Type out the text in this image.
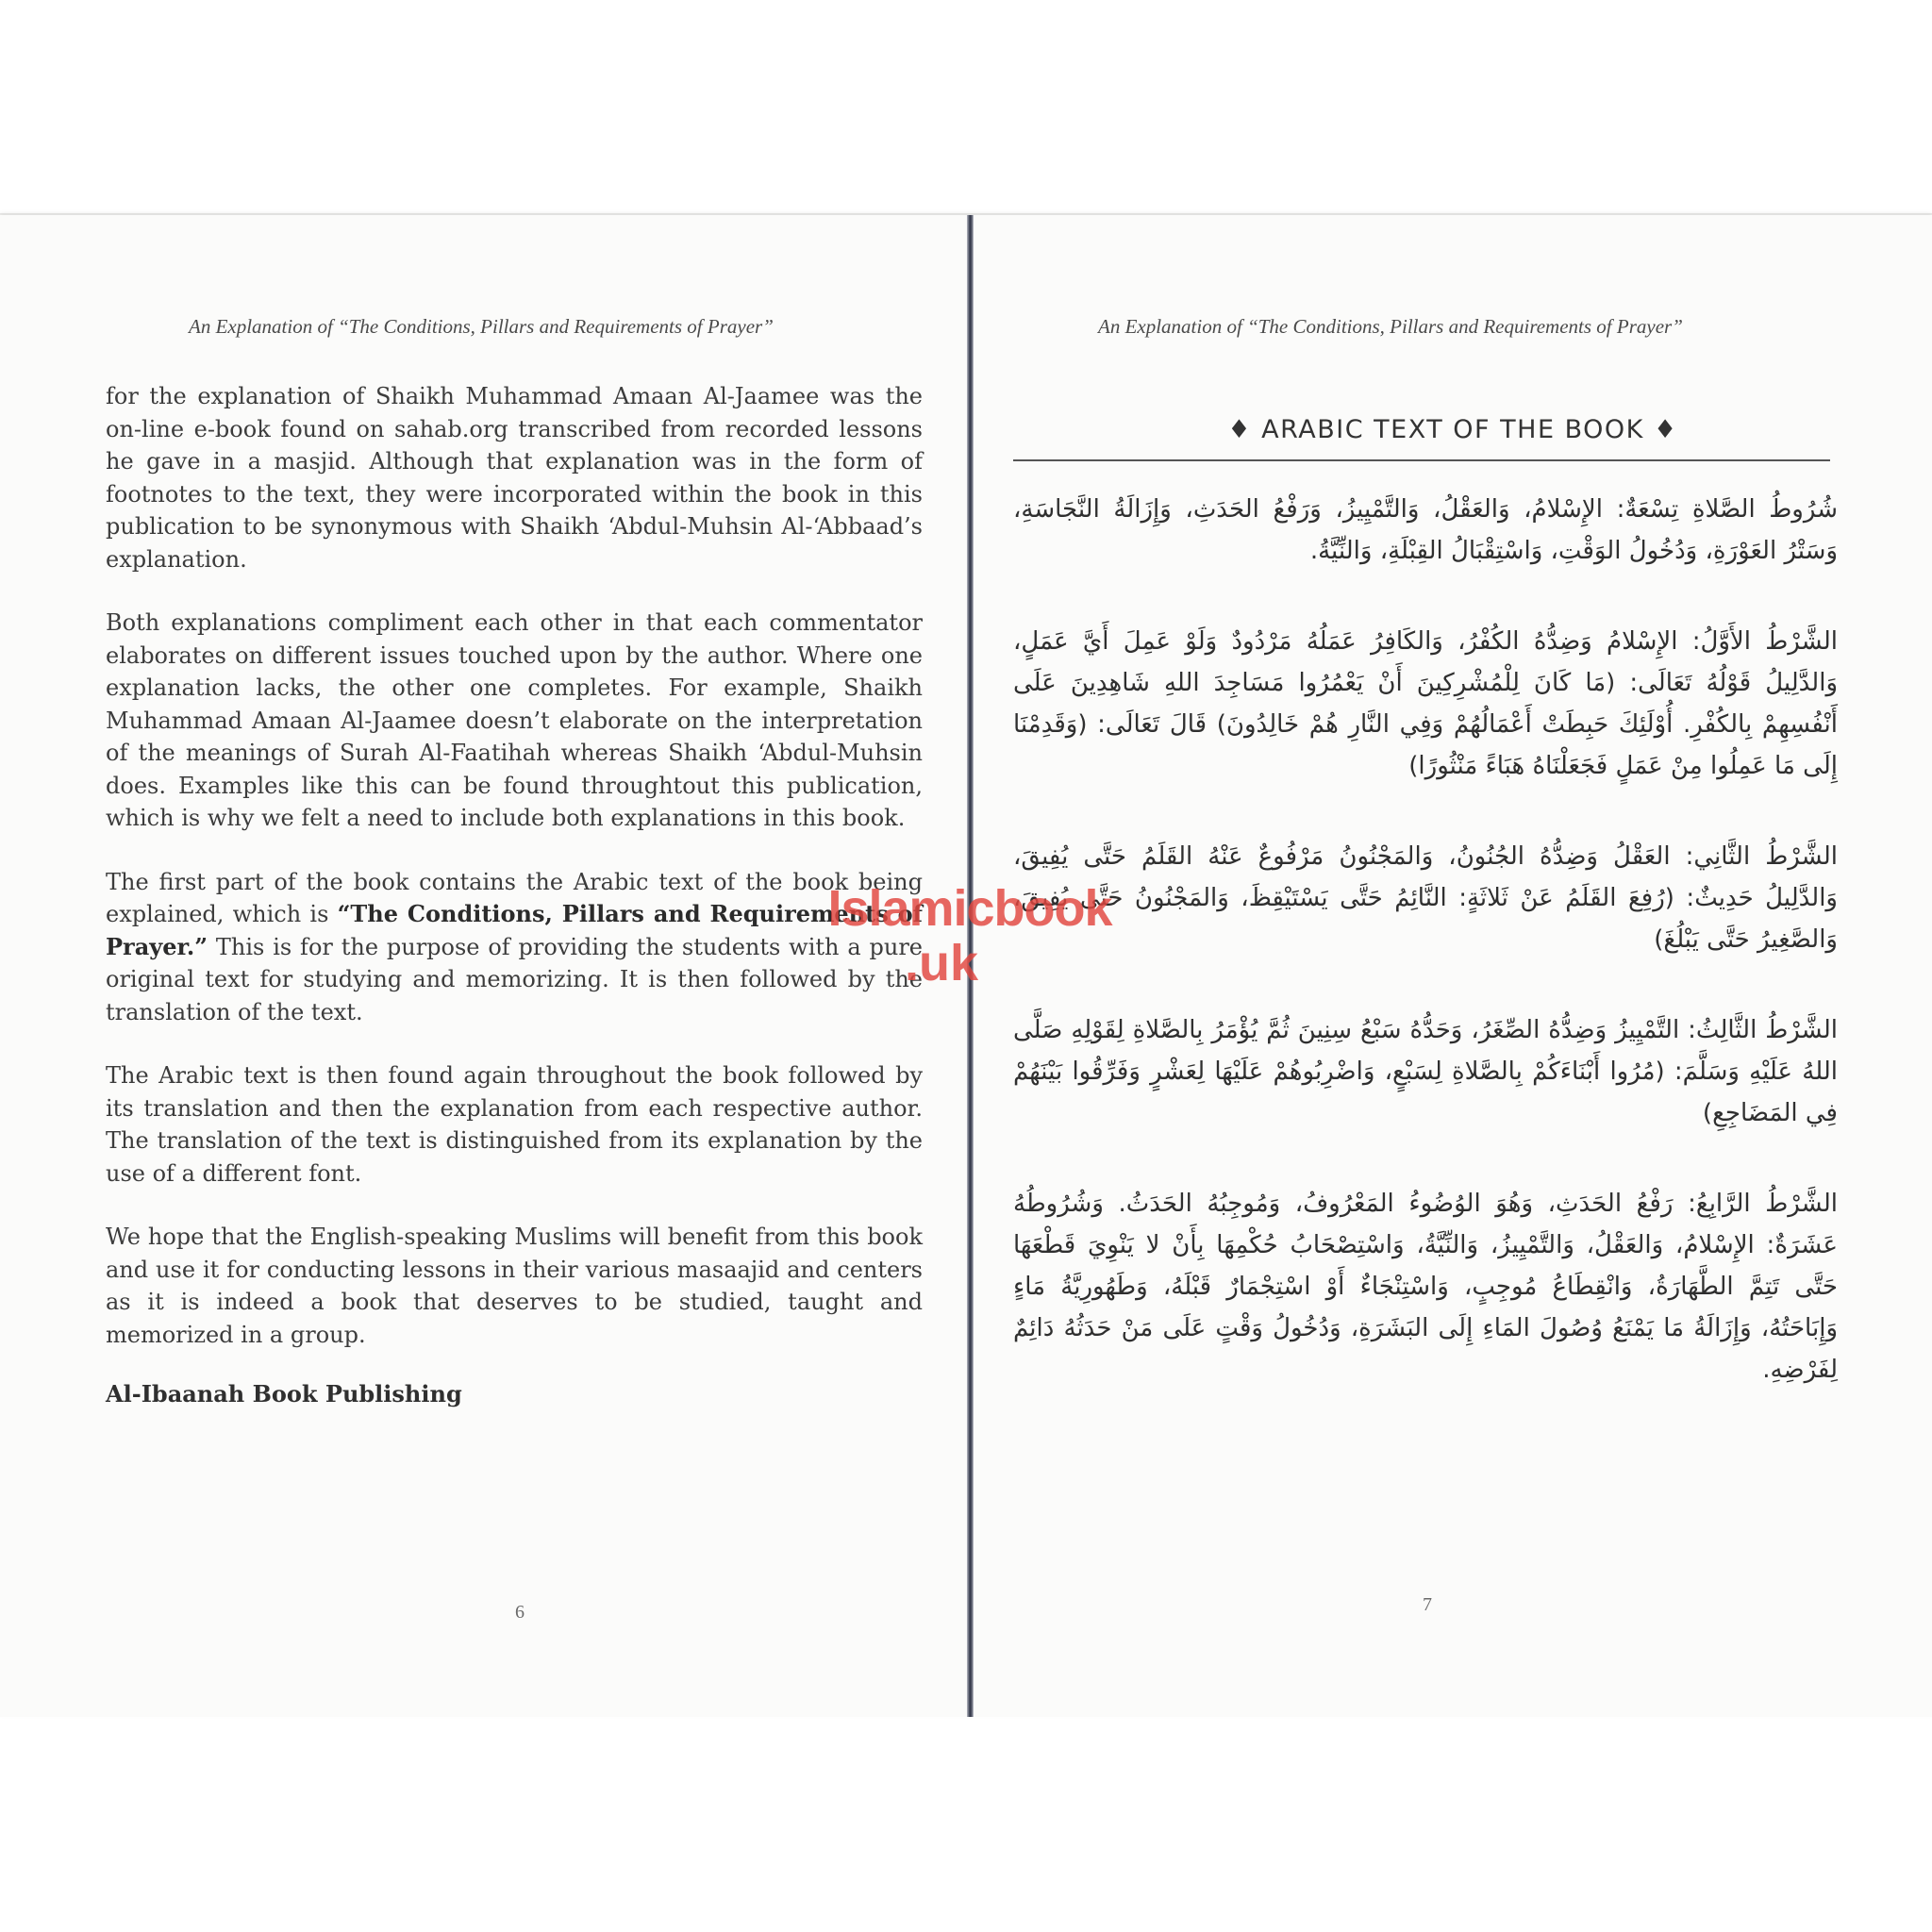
An Explanation of “The Conditions, Pillars and Requirements of Prayer”

for the explanation of Shaikh Muhammad Amaan Al-Jaamee was the on-line e-book found on sahab.org transcribed from recorded lessons he gave in a masjid. Although that explanation was in the form of footnotes to the text, they were incorporated within the book in this publication to be synonymous with Shaikh ‘Abdul-Muhsin Al-‘Abbaad’s explanation.

Both explanations compliment each other in that each commentator elaborates on different issues touched upon by the author. Where one explanation lacks, the other one completes. For example, Shaikh Muhammad Amaan Al-Jaamee doesn’t elaborate on the interpretation of the meanings of Surah Al-Faatihah whereas Shaikh ‘Abdul-Muhsin does. Examples like this can be found throughtout this publication, which is why we felt a need to include both explanations in this book.

The first part of the book contains the Arabic text of the book being explained, which is “The Conditions, Pillars and Requirements of Prayer.” This is for the purpose of providing the students with a pure original text for studying and memorizing. It is then followed by the translation of the text.

The Arabic text is then found again throughout the book followed by its translation and then the explanation from each respective author. The translation of the text is distinguished from its explanation by the use of a different font.

We hope that the English-speaking Muslims will benefit from this book and use it for conducting lessons in their various masaajid and centers as it is indeed a book that deserves to be studied, taught and memorized in a group.

Al-Ibaanah Book Publishing

6
An Explanation of “The Conditions, Pillars and Requirements of Prayer”
♦ ARABIC TEXT OF THE BOOK ♦

شُرُوطُ الصَّلاةِ تِسْعَةٌ: الإِسْلامُ، وَالعَقْلُ، وَالتَّمْيِيزُ، وَرَفْعُ الحَدَثِ، وَإِزَالَةُ النَّجَاسَةِ، وَسَتْرُ العَوْرَةِ، وَدُخُولُ الوَقْتِ، وَاسْتِقْبَالُ القِبْلَةِ، وَالنِّيَّةُ.

الشَّرْطُ الأَوَّلُ: الإِسْلامُ وَضِدُّهُ الكُفْرُ، وَالكَافِرُ عَمَلُهُ مَرْدُودٌ وَلَوْ عَمِلَ أَيَّ عَمَلٍ، وَالدَّلِيلُ قَوْلُهُ تَعَالَى: (مَا كَانَ لِلْمُشْرِكِينَ أَنْ يَعْمُرُوا مَسَاجِدَ اللهِ شَاهِدِينَ عَلَى أَنْفُسِهِمْ بِالكُفْرِ. أُوْلَئِكَ حَبِطَتْ أَعْمَالُهُمْ وَفِي النَّارِ هُمْ خَالِدُونَ) قَالَ تَعَالَى: (وَقَدِمْنَا إِلَى مَا عَمِلُوا مِنْ عَمَلٍ فَجَعَلْنَاهُ هَبَاءً مَنْثُورًا)

الشَّرْطُ الثَّانِي: العَقْلُ وَضِدُّهُ الجُنُونُ، وَالمَجْنُونُ مَرْفُوعٌ عَنْهُ القَلَمُ حَتَّى يُفِيقَ، وَالدَّلِيلُ حَدِيثٌ: (رُفِعَ القَلَمُ عَنْ ثَلاثَةٍ: النَّائِمُ حَتَّى يَسْتَيْقِظَ، وَالمَجْنُونُ حَتَّى يُفِيقَ، وَالصَّغِيرُ حَتَّى يَبْلُغَ)

الشَّرْطُ الثَّالِثُ: التَّمْيِيزُ وَضِدُّهُ الصِّغَرُ، وَحَدُّهُ سَبْعُ سِنِينَ ثُمَّ يُؤْمَرُ بِالصَّلاةِ لِقَوْلِهِ صَلَّى اللهُ عَلَيْهِ وَسَلَّمَ: (مُرُوا أَبْنَاءَكُمْ بِالصَّلاةِ لِسَبْعٍ، وَاضْرِبُوهُمْ عَلَيْهَا لِعَشْرٍ وَفَرِّقُوا بَيْنَهُمْ فِي المَضَاجِعِ)

الشَّرْطُ الرَّابِعُ: رَفْعُ الحَدَثِ، وَهُوَ الوُضُوءُ المَعْرُوفُ، وَمُوجِبُهُ الحَدَثُ. وَشُرُوطُهُ عَشَرَةٌ: الإِسْلامُ، وَالعَقْلُ، وَالتَّمْيِيزُ، وَالنِّيَّةُ، وَاسْتِصْحَابُ حُكْمِهَا بِأَنْ لا يَنْوِيَ قَطْعَهَا حَتَّى تَتِمَّ الطَّهَارَةُ، وَانْقِطَاعُ مُوجِبٍ، وَاسْتِنْجَاءٌ أَوْ اسْتِجْمَارٌ قَبْلَهُ، وَطَهُورِيَّةُ مَاءٍ وَإِبَاحَتُهُ، وَإِزَالَةُ مَا يَمْنَعُ وُصُولَ المَاءِ إِلَى البَشَرَةِ، وَدُخُولُ وَقْتٍ عَلَى مَنْ حَدَثُهُ دَائِمٌ لِفَرْضِهِ.

7
Islamicbook
.uk
